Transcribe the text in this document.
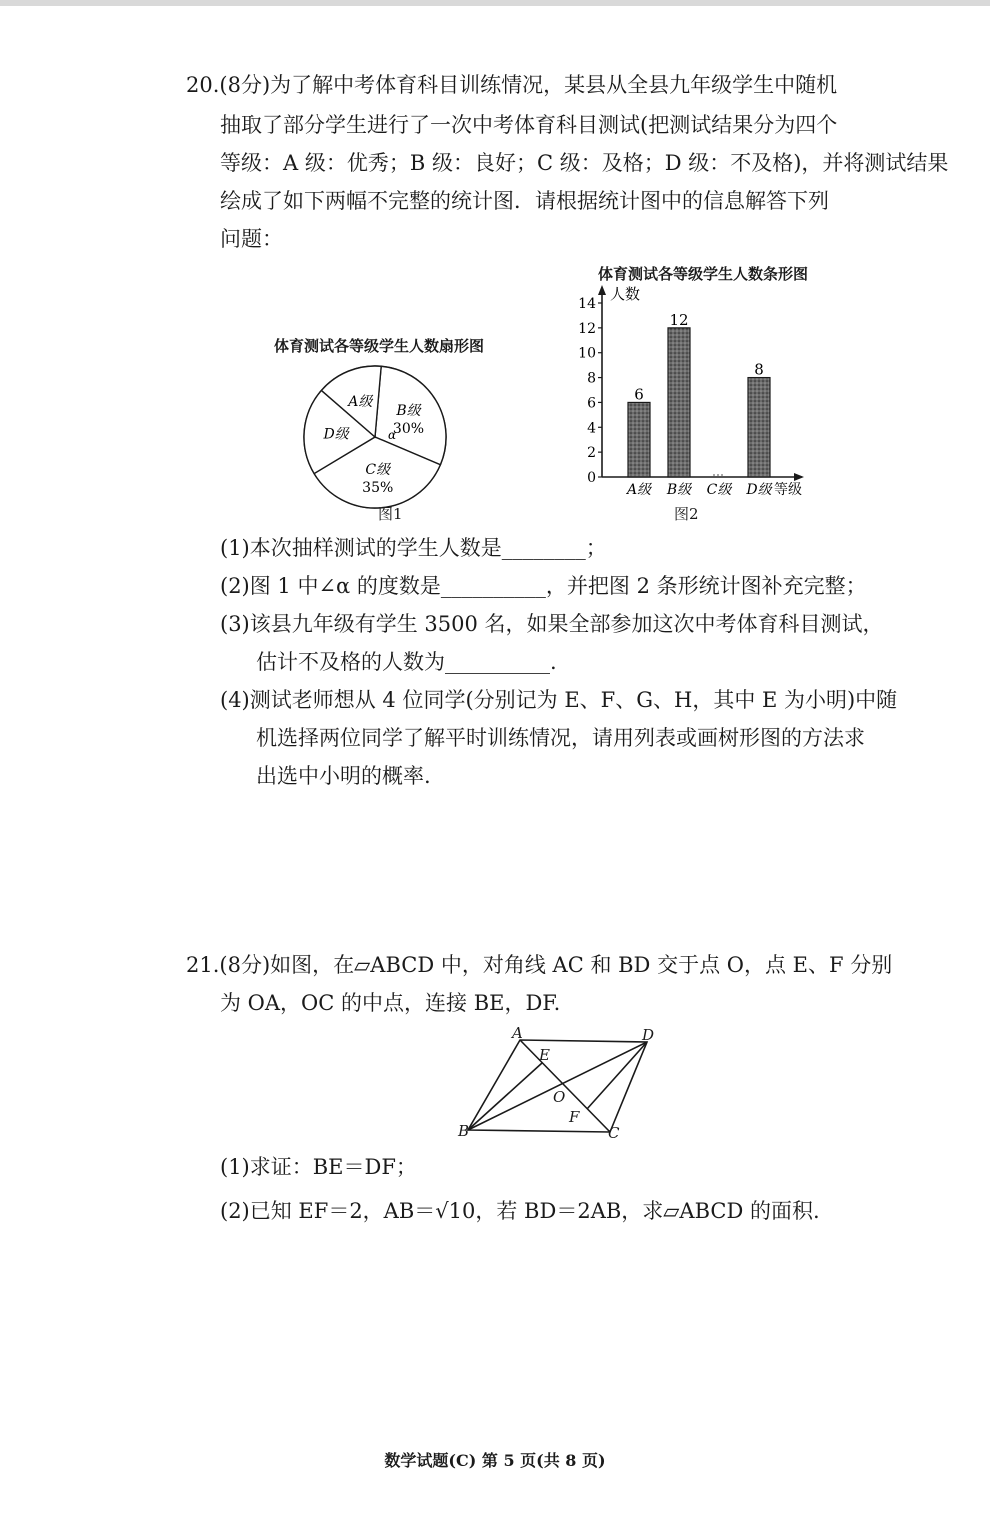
20.(8分)为了解中考体育科目训练情况，某县从全县九年级学生中随机
抽取了部分学生进行了一次中考体育科目测试(把测试结果分为四个
等级：A 级：优秀；B 级：良好；C 级：及格；D 级：不及格)，并将测试结果
绘成了如下两幅不完整的统计图．请根据统计图中的信息解答下列
问题：
体育测试各等级学生人数扇形图
B级
30%
C级
35%
D级
A级
α
图1
体育测试各等级学生人数条形图
人数
0
2
4
6
8
10
12
14
6
A级
12
B级 C级
8
D级 等级
图2
(1)本次抽样测试的学生人数是________；
(2)图 1 中∠α 的度数是__________，并把图 2 条形统计图补充完整；
(3)该县九年级有学生 3500 名，如果全部参加这次中考体育科目测试，
估计不及格的人数为__________.
(4)测试老师想从 4 位同学(分别记为 E、F、G、H，其中 E 为小明)中随
机选择两位同学了解平时训练情况，请用列表或画树形图的方法求
出选中小明的概率.
21.(8分)如图，在▱ABCD 中，对角线 AC 和 BD 交于点 O，点 E、F 分别
为 OA，OC 的中点，连接 BE，DF.
A	D
E
O
F
B	C
(1)求证：BE＝DF；
(2)已知 EF＝2，AB＝√10，若 BD＝2AB，求▱ABCD 的面积.
数学试题(C) 第 5 页(共 8 页)
